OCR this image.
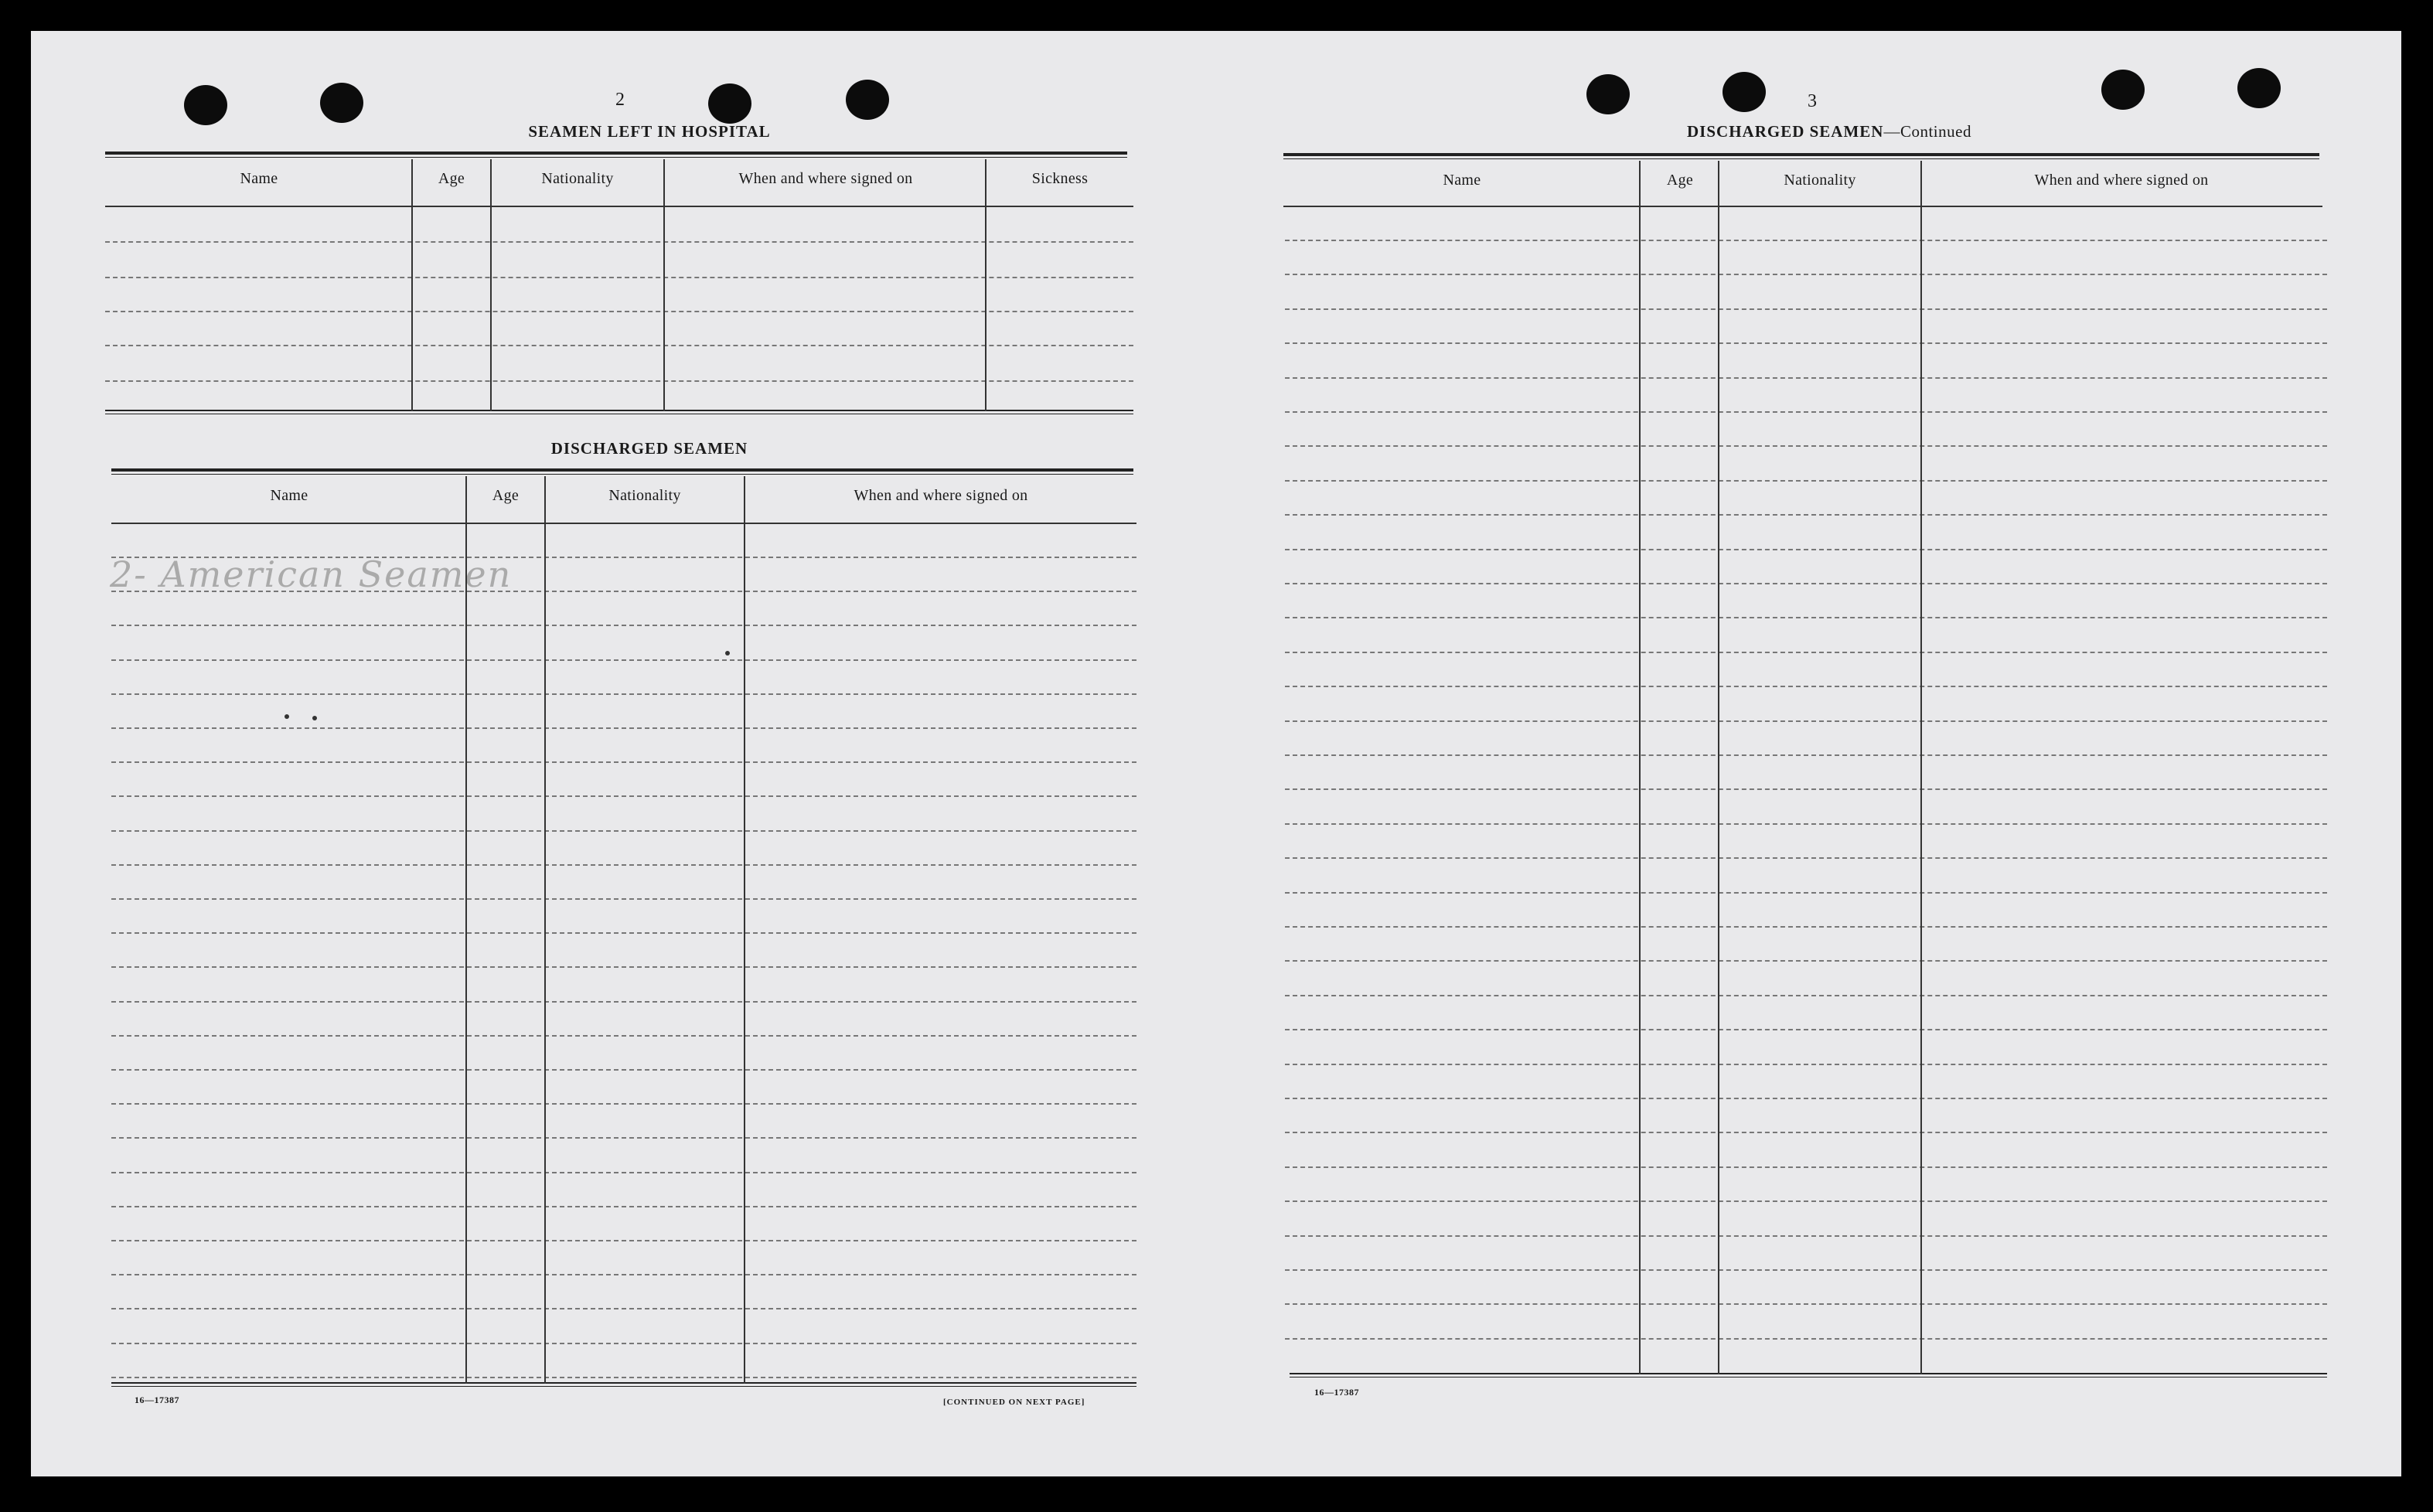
2
SEAMEN LEFT IN HOSPITAL
Name	Age	Nationality	When and where signed on	Sickness
DISCHARGED SEAMEN
Name	Age	Nationality	When and where signed on
2- American Seamen
16—17387	[CONTINUED ON NEXT PAGE]
3
DISCHARGED SEAMEN—Continued
Name	Age	Nationality	When and where signed on
16—17387
